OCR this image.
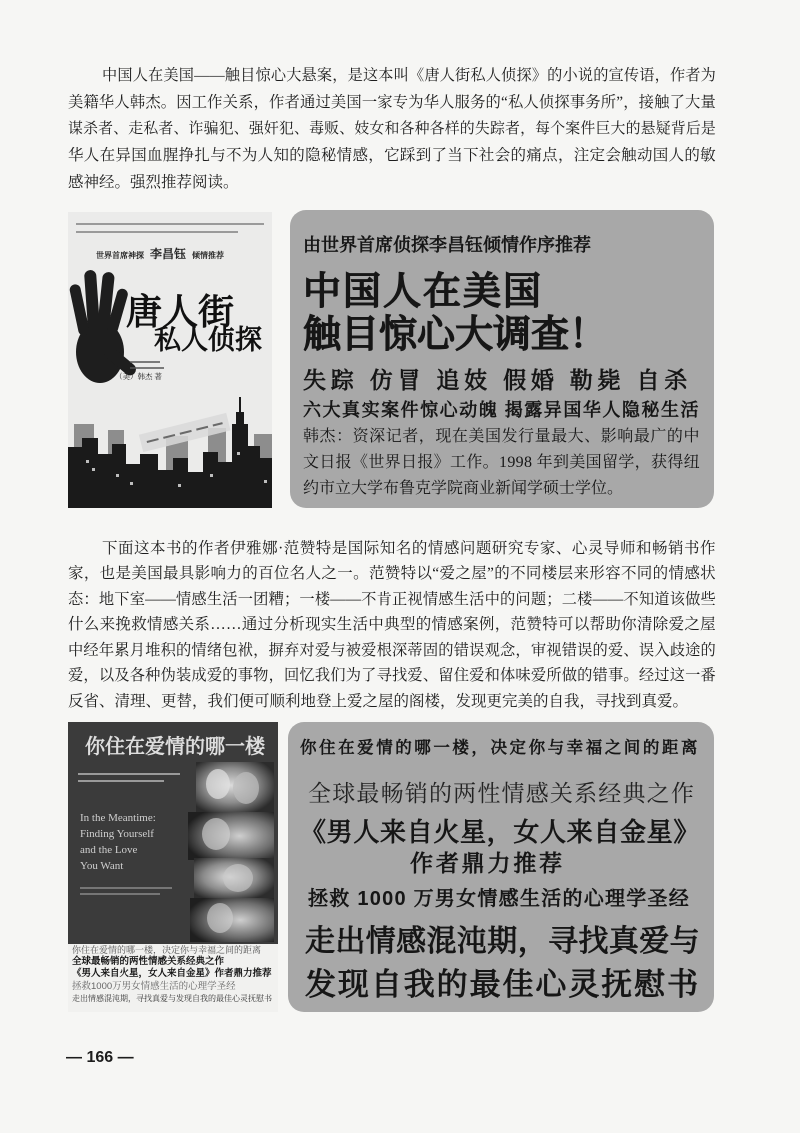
中国人在美国——触目惊心大悬案，是这本叫《唐人街私人侦探》的小说的宣传语，作者为
美籍华人韩杰。因工作关系，作者通过美国一家专为华人服务的“私人侦探事务所”，接触了大量
谋杀者、走私者、诈骗犯、强奸犯、毒贩、妓女和各种各样的失踪者，每个案件巨大的悬疑背后是
华人在异国血腥挣扎与不为人知的隐秘情感，它踩到了当下社会的痛点，注定会触动国人的敏
感神经。强烈推荐阅读。
世界首席神探 李昌钰 倾情推荐
唐人街
私人侦探
（美）韩杰 著
由世界首席侦探李昌钰倾情作序推荐
中国人在美国
触目惊心大调查！
失踪 仿冒 追妓 假婚 勒毙 自杀
六大真实案件惊心动魄 揭露异国华人隐秘生活
韩杰：资深记者，现在美国发行量最大、影响最广的中
文日报《世界日报》工作。1998 年到美国留学，获得纽
约市立大学布鲁克学院商业新闻学硕士学位。
下面这本书的作者伊雅娜·范赞特是国际知名的情感问题研究专家、心灵导师和畅销书作
家，也是美国最具影响力的百位名人之一。范赞特以“爱之屋”的不同楼层来形容不同的情感状
态：地下室——情感生活一团糟；一楼——不肯正视情感生活中的问题；二楼——不知道该做些
什么来挽救情感关系……通过分析现实生活中典型的情感案例，范赞特可以帮助你清除爱之屋
中经年累月堆积的情绪包袱，摒弃对爱与被爱根深蒂固的错误观念，审视错误的爱、误入歧途的
爱，以及各种伪装成爱的事物，回忆我们为了寻找爱、留住爱和体味爱所做的错事。经过这一番
反省、清理、更替，我们便可顺利地登上爱之屋的阁楼，发现更完美的自我，寻找到真爱。
你住在爱情的哪一楼
In the Meantime:
Finding Yourself
and the Love
You Want
你住在爱情的哪一楼，决定你与幸福之间的距离
全球最畅销的两性情感关系经典之作
《男人来自火星，女人来自金星》作者鼎力推荐
拯救1000万男女情感生活的心理学圣经
走出情感混沌期，寻找真爱与发现自我的最佳心灵抚慰书
你住在爱情的哪一楼，决定你与幸福之间的距离
全球最畅销的两性情感关系经典之作
《男人来自火星，女人来自金星》
作者鼎力推荐
拯救 1000 万男女情感生活的心理学圣经
走出情感混沌期，寻找真爱与
发现自我的最佳心灵抚慰书
— 166 —
